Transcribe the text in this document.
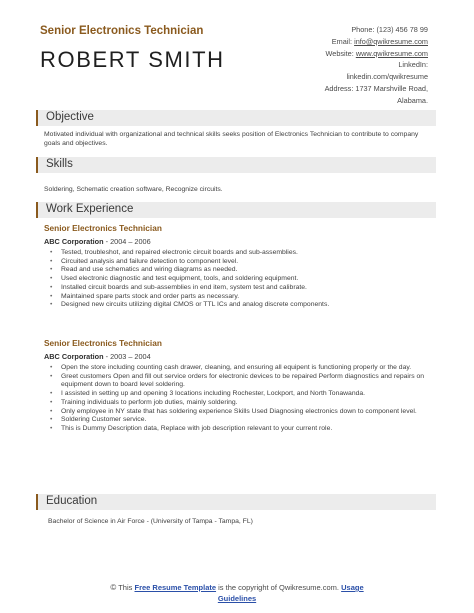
Senior Electronics Technician
ROBERT SMITH
Phone: (123) 456 78 99
Email: info@qwikresume.com
Website: www.qwikresume.com
LinkedIn:
linkedin.com/qwikresume
Address: 1737 Marshville Road,
Alabama.
Objective
Motivated individual with organizational and technical skills seeks position of Electronics Technician to contribute to company goals and objectives.
Skills
Soldering, Schematic creation software, Recognize circuits.
Work Experience
Senior Electronics Technician
ABC Corporation - 2004 – 2006
• Tested, troubleshot, and repaired electronic circuit boards and sub-assemblies.
• Circuited analysis and failure detection to component level.
• Read and use schematics and wiring diagrams as needed.
• Used electronic diagnostic and test equipment, tools, and soldering equipment.
• Installed circuit boards and sub-assemblies in end item, system test and calibrate.
• Maintained spare parts stock and order parts as necessary.
• Designed new circuits utilizing digital CMOS or TTL ICs and analog discrete components.
Senior Electronics Technician
ABC Corporation - 2003 – 2004
• Open the store including counting cash drawer, cleaning, and ensuring all equipent is functioning properly or the day.
• Greet customers Open and fill out service orders for electronic devices to be repaired Perform diagnostics and repairs on equipment down to board level soldering.
• I assisted in setting up and opening 3 locations including Rochester, Lockport, and North Tonawanda.
• Training individuals to perform job duties, mainly soldering.
• Only employee in NY state that has soldering experience Skills Used Diagnosing electronics down to component level.
• Soldering Customer service.
• This is Dummy Description data, Replace with job description relevant to your current role.
Education
Bachelor of Science in Air Force - (University of Tampa - Tampa, FL)
© This Free Resume Template is the copyright of Qwikresume.com. Usage
Guidelines
